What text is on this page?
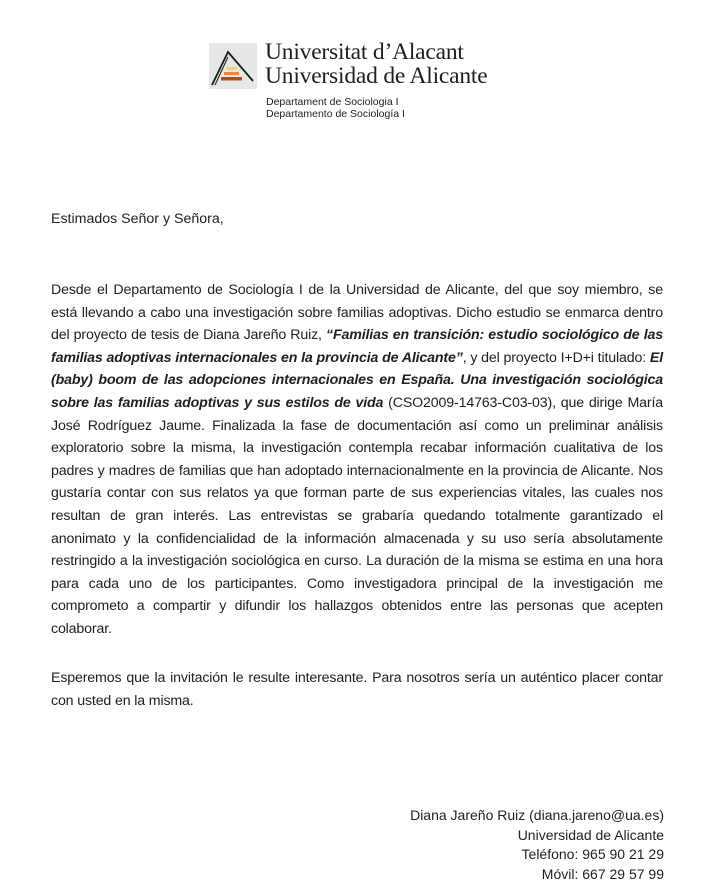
Universitat d’Alacant
Universidad de Alicante
Departament de Sociologia I
Departamento de Sociología I
Estimados Señor y Señora,
Desde el Departamento de Sociología I de la Universidad de Alicante, del que soy miembro, se está llevando a cabo una investigación sobre familias adoptivas. Dicho estudio se enmarca dentro del proyecto de tesis de Diana Jareño Ruiz, “Familias en transición: estudio sociológico de las familias adoptivas internacionales en la provincia de Alicante”, y del proyecto I+D+i titulado: El (baby) boom de las adopciones internacionales en España. Una investigación sociológica sobre las familias adoptivas y sus estilos de vida (CSO2009-14763-C03-03), que dirige María José Rodríguez Jaume. Finalizada la fase de documentación así como un preliminar análisis exploratorio sobre la misma, la investigación contempla recabar información cualitativa de los padres y madres de familias que han adoptado internacionalmente en la provincia de Alicante. Nos gustaría contar con sus relatos ya que forman parte de sus experiencias vitales, las cuales nos resultan de gran interés. Las entrevistas se grabaría quedando totalmente garantizado el anonimato y la confidencialidad de la información almacenada y su uso sería absolutamente restringido a la investigación sociológica en curso. La duración de la misma se estima en una hora para cada uno de los participantes. Como investigadora principal de la investigación me comprometo a compartir y difundir los hallazgos obtenidos entre las personas que acepten colaborar.
Esperemos que la invitación le resulte interesante. Para nosotros sería un auténtico placer contar con usted en la misma.
Diana Jareño Ruiz (diana.jareno@ua.es)
Universidad de Alicante
Teléfono: 965 90 21 29
Móvil: 667 29 57 99
